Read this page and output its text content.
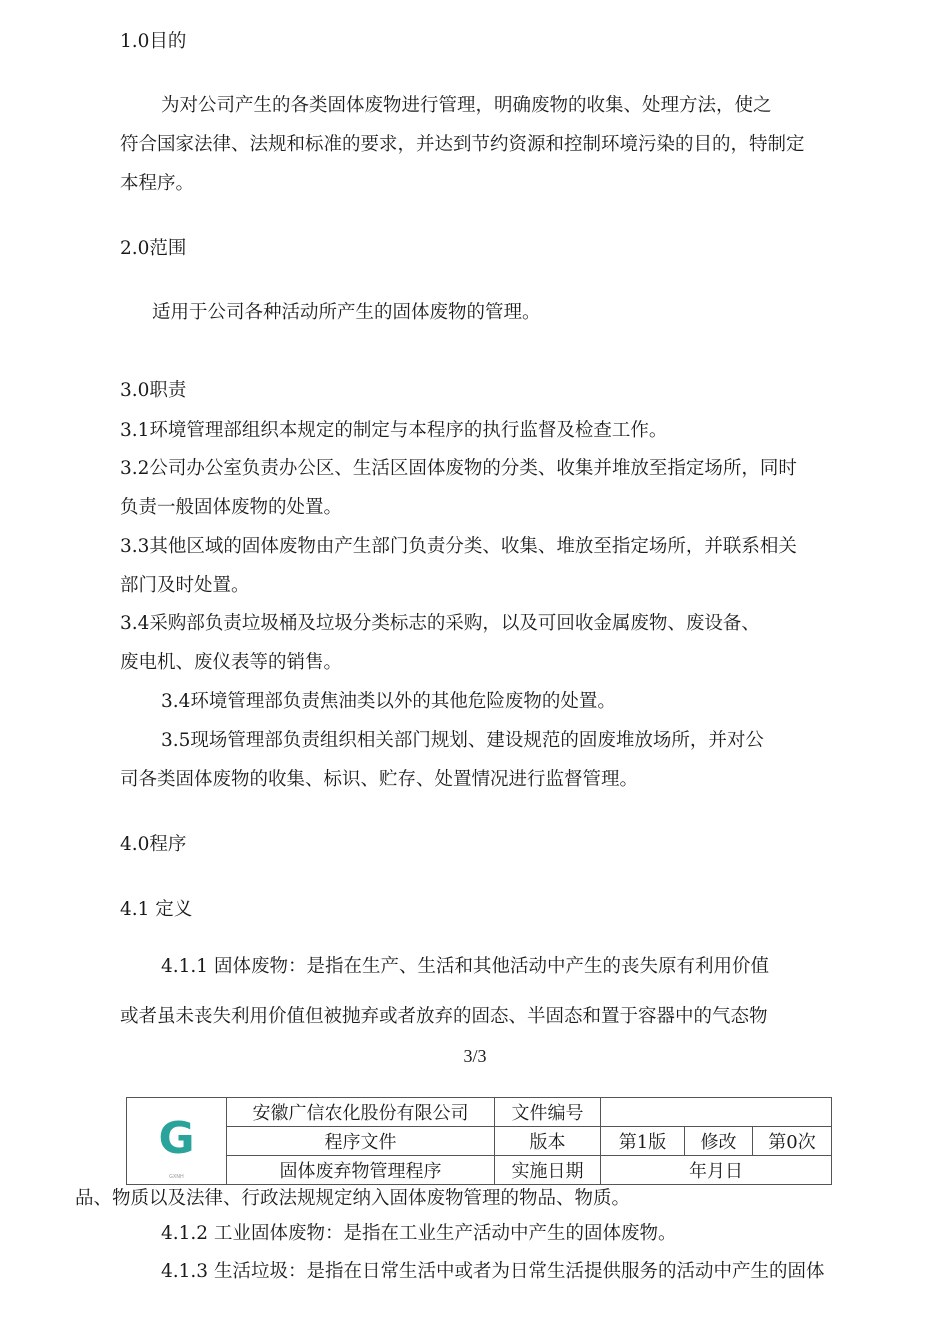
1.0目的
为对公司产生的各类固体废物进行管理，明确废物的收集、处理方法，使之
符合国家法律、法规和标准的要求，并达到节约资源和控制环境污染的目的，特制定
本程序。
2.0范围
适用于公司各种活动所产生的固体废物的管理。
3.0职责
3.1环境管理部组织本规定的制定与本程序的执行监督及检查工作。
3.2公司办公室负责办公区、生活区固体废物的分类、收集并堆放至指定场所，同时
负责一般固体废物的处置。
3.3其他区域的固体废物由产生部门负责分类、收集、堆放至指定场所，并联系相关
部门及时处置。
3.4采购部负责垃圾桶及垃圾分类标志的采购，以及可回收金属废物、废设备、
废电机、废仪表等的销售。
3.4环境管理部负责焦油类以外的其他危险废物的处置。
3.5现场管理部负责组织相关部门规划、建设规范的固废堆放场所，并对公
司各类固体废物的收集、标识、贮存、处置情况进行监督管理。
4.0程序
4.1 定义
4.1.1 固体废物：是指在生产、生活和其他活动中产生的丧失原有利用价值
或者虽未丧失利用价值但被抛弃或者放弃的固态、半固态和置于容器中的气态物
3/3
G
GXNH	安徽广信农化股份有限公司	文件编号			
	程序文件	版本	第1版	修改	第0次
	固体废弃物管理程序	实施日期	年月日		
品、物质以及法律、行政法规规定纳入固体废物管理的物品、物质。
4.1.2 工业固体废物：是指在工业生产活动中产生的固体废物。
4.1.3 生活垃圾：是指在日常生活中或者为日常生活提供服务的活动中产生的固体
